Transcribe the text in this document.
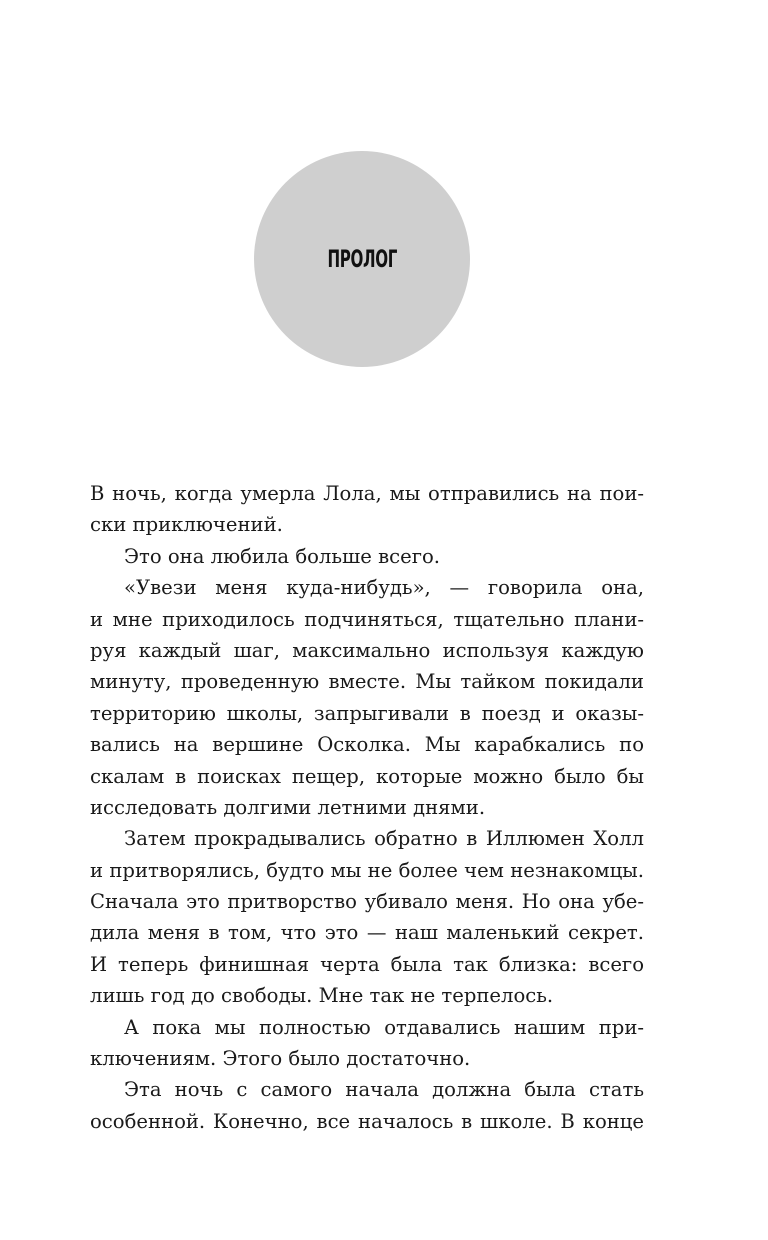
ПРОЛОГ
В ночь, когда умерла Лола, мы отправились на пои-
ски приключений.
Это она любила больше всего.
«Увези меня куда-нибудь», — говорила она,
и мне приходилось подчиняться, тщательно плани-
руя каждый шаг, максимально используя каждую
минуту, проведенную вместе. Мы тайком покидали
территорию школы, запрыгивали в поезд и оказы-
вались на вершине Осколка. Мы карабкались по
скалам в поисках пещер, которые можно было бы
исследовать долгими летними днями.
Затем прокрадывались обратно в Иллюмен Холл
и притворялись, будто мы не более чем незнакомцы.
Сначала это притворство убивало меня. Но она убе-
дила меня в том, что это — наш маленький секрет.
И теперь финишная черта была так близка: всего
лишь год до свободы. Мне так не терпелось.
А пока мы полностью отдавались нашим при-
ключениям. Этого было достаточно.
Эта ночь с самого начала должна была стать
особенной. Конечно, все началось в школе. В конце
